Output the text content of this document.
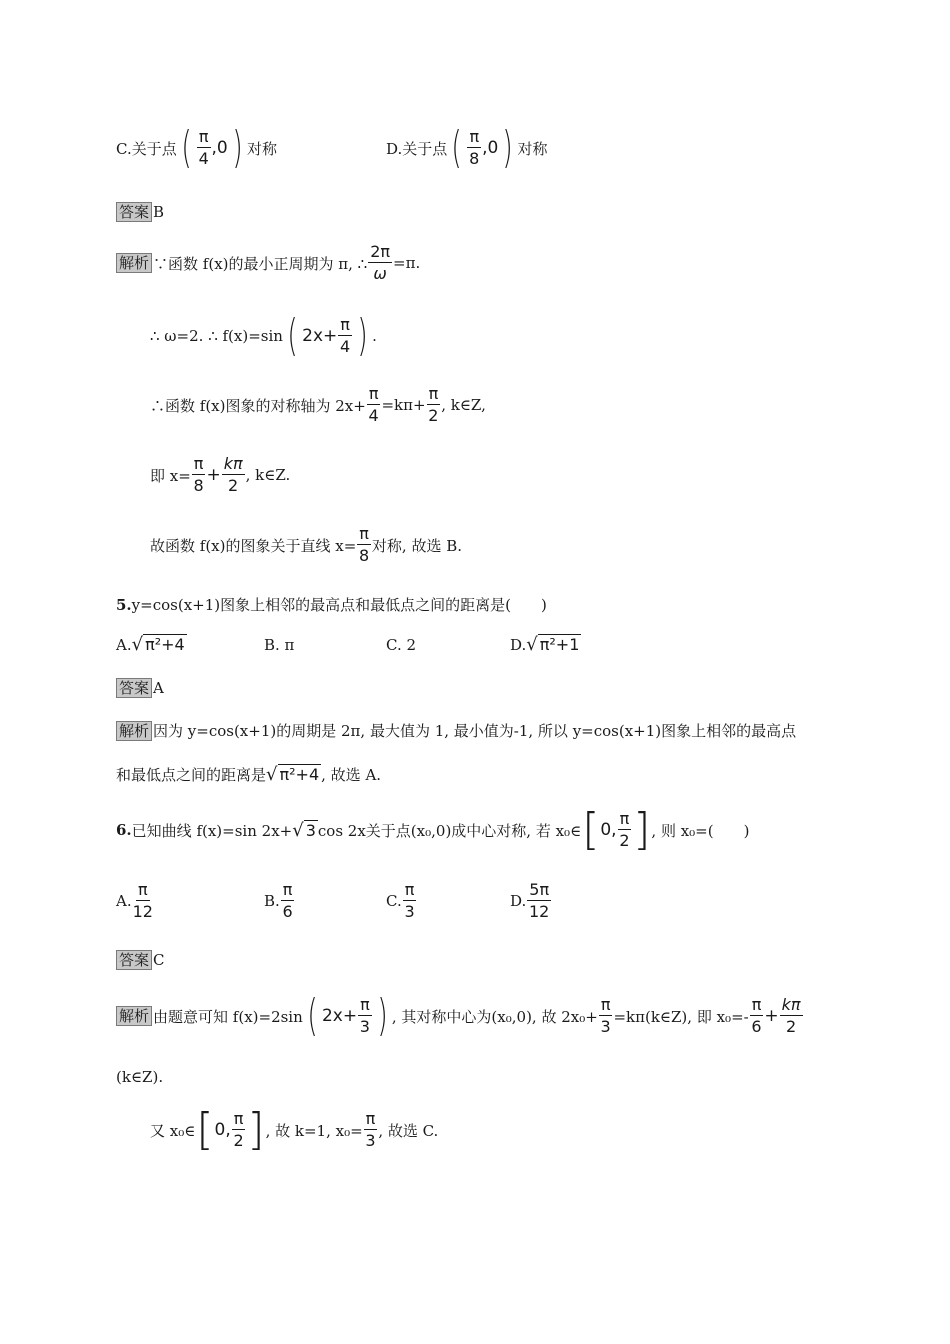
C.关于点 ( $\frac{\pi}{4} ,0$ ) 对称	D.关于点 ( $\frac{\pi}{8} ,0$ ) 对称
答案 B
解析 ∵函数 f(x)的最小正周期为 π, ∴ $\frac{2\pi}{\omega} =\pi$.
∴ ω=2. ∴ f(x)=sin ( $2x+ \frac{\pi}{4}$ ) .
∴函数 f(x)图象的对称轴为 $2x+ \frac{\pi}{4} =k\pi+ \frac{\pi}{2}$ , k∈Z,
即 $x= \frac{\pi}{8} + \frac{k\pi}{2}$ , k∈Z.
故函数 f(x)的图象关于直线 $x= \frac{\pi}{8}$ 对称, 故选 B.
5. y=cos(x+1)图象上相邻的最高点和最低点之间的距离是(　　)
A. √ π²+4	B. π	C. 2	D. √ π²+1
答案 A
解析 因为 y=cos(x+1)的周期是 2π, 最大值为 1, 最小值为-1, 所以 y=cos(x+1)图象上相邻的最高点
和最低点之间的距离是 √ π²+4 , 故选 A.
6. 已知曲线 f(x)=sin 2x+ √ 3 cos 2x关于点(x₀,0)成中心对称, 若 x₀∈ [ 0, $\frac{\pi}{2}$ ] , 则 x₀=(　　)
A. $\frac{\pi}{12}$	B. $\frac{\pi}{6}$	C. $\frac{\pi}{3}$	D. $\frac{5\pi}{12}$
答案 C
解析 由题意可知 f(x)=2sin ( $2x+ \frac{\pi}{3}$ ) , 其对称中心为(x₀,0), 故 $2x_0+ \frac{\pi}{3}$ =kπ(k∈Z), 即 $x_0=- \frac{\pi}{6} + \frac{k\pi}{2}$
(k∈Z).
又 x₀∈ [ 0, $\frac{\pi}{2}$ ] , 故 k=1, $x_0= \frac{\pi}{3}$ , 故选 C.
